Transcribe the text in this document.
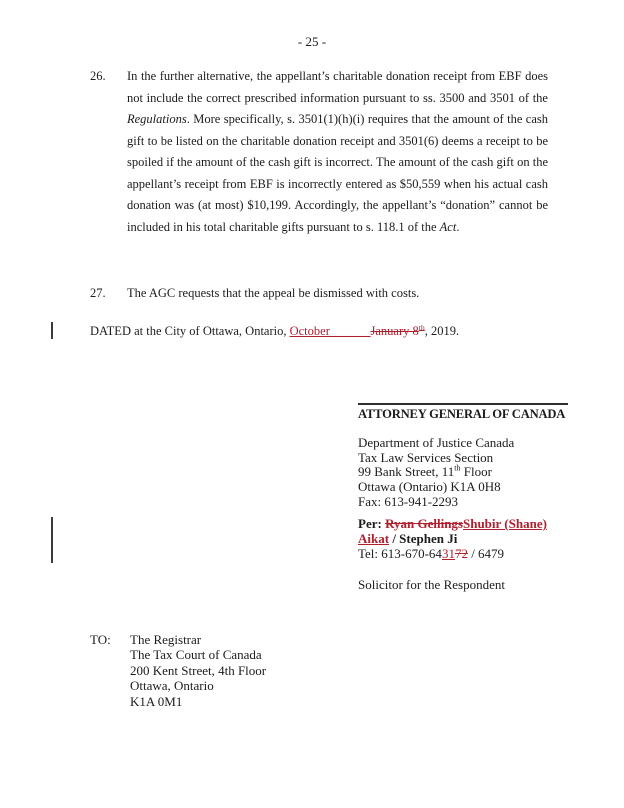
- 25 -
26.	In the further alternative, the appellant’s charitable donation receipt from EBF does not include the correct prescribed information pursuant to ss. 3500 and 3501 of the Regulations. More specifically, s. 3501(1)(h)(i) requires that the amount of the cash gift to be listed on the charitable donation receipt and 3501(6) deems a receipt to be spoiled if the amount of the cash gift is incorrect. The amount of the cash gift on the appellant’s receipt from EBF is incorrectly entered as $50,559 when his actual cash donation was (at most) $10,199. Accordingly, the appellant’s “donation” cannot be included in his total charitable gifts pursuant to s. 118.1 of the Act.
27.	The AGC requests that the appeal be dismissed with costs.
DATED at the City of Ottawa, Ontario, October ______January 8th, 2019.
ATTORNEY GENERAL OF CANADA
Department of Justice Canada
Tax Law Services Section
99 Bank Street, 11th Floor
Ottawa (Ontario) K1A 0H8
Fax: 613-941-2293
Per: Ryan GellingsShubir (Shane)
Aikat / Stephen Ji
Tel: 613-670-643172 / 6479
Solicitor for the Respondent
TO:	The Registrar
The Tax Court of Canada
200 Kent Street, 4th Floor
Ottawa, Ontario
K1A 0M1
